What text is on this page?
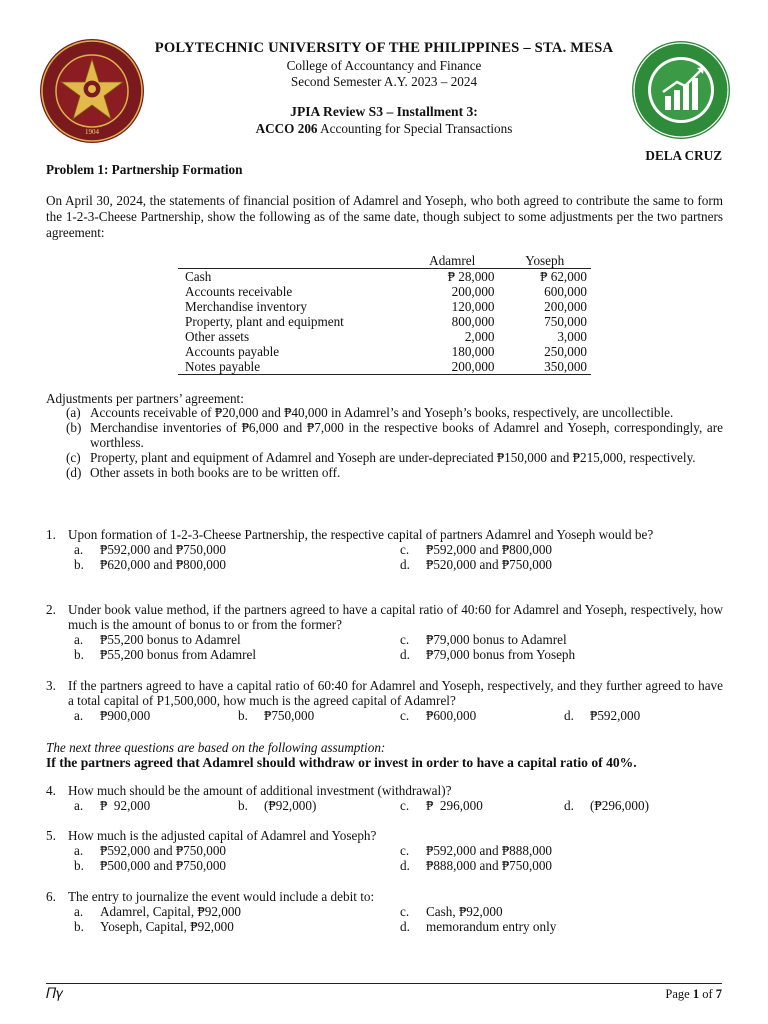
1904
POLYTECHNIC UNIVERSITY OF THE PHILIPPINES – STA. MESA
College of Accountancy and Finance
Second Semester A.Y. 2023 – 2024
JPIA Review S3 – Installment 3:
ACCO 206 Accounting for Special Transactions
DELA CRUZ
Problem 1: Partnership Formation
On April 30, 2024, the statements of financial position of Adamrel and Yoseph, who both agreed to contribute the same to form the 1-2-3-Cheese Partnership, show the following as of the same date, though subject to some adjustments per the two partners agreement:
	Adamrel	Yoseph
Cash	₱ 28,000	₱ 62,000
Accounts receivable	200,000	600,000
Merchandise inventory	120,000	200,000
Property, plant and equipment	800,000	750,000
Other assets	2,000	3,000
Accounts payable	180,000	250,000
Notes payable	200,000	350,000
Adjustments per partners’ agreement:
(a) Accounts receivable of ₱20,000 and ₱40,000 in Adamrel’s and Yoseph’s books, respectively, are uncollectible.
(b) Merchandise inventories of ₱6,000 and ₱7,000 in the respective books of Adamrel and Yoseph, correspondingly, are worthless.
(c) Property, plant and equipment of Adamrel and Yoseph are under-depreciated ₱150,000 and ₱215,000, respectively.
(d) Other assets in both books are to be written off.
1. Upon formation of 1-2-3-Cheese Partnership, the respective capital of partners Adamrel and Yoseph would be?
a. ₱592,000 and ₱750,000	c. ₱592,000 and ₱800,000
b. ₱620,000 and ₱800,000	d. ₱520,000 and ₱750,000
2. Under book value method, if the partners agreed to have a capital ratio of 40:60 for Adamrel and Yoseph, respectively, how much is the amount of bonus to or from the former?
a. ₱55,200 bonus to Adamrel	c. ₱79,000 bonus to Adamrel
b. ₱55,200 bonus from Adamrel	d. ₱79,000 bonus from Yoseph
3. If the partners agreed to have a capital ratio of 60:40 for Adamrel and Yoseph, respectively, and they further agreed to have a total capital of P1,500,000, how much is the agreed capital of Adamrel?
a. ₱900,000	b. ₱750,000	c. ₱600,000	d. ₱592,000
The next three questions are based on the following assumption:
If the partners agreed that Adamrel should withdraw or invest in order to have a capital ratio of 40%.
4. How much should be the amount of additional investment (withdrawal)?
a. ₱  92,000	b. (₱92,000)	c. ₱  296,000	d. (₱296,000)
5. How much is the adjusted capital of Adamrel and Yoseph?
a. ₱592,000 and ₱750,000	c. ₱592,000 and ₱888,000
b. ₱500,000 and ₱750,000	d. ₱888,000 and ₱750,000
6. The entry to journalize the event would include a debit to:
a. Adamrel, Capital, ₱92,000	c. Cash, ₱92,000
b. Yoseph, Capital, ₱92,000	d. memorandum entry only
𝛱𝛾	Page 1 of 7
